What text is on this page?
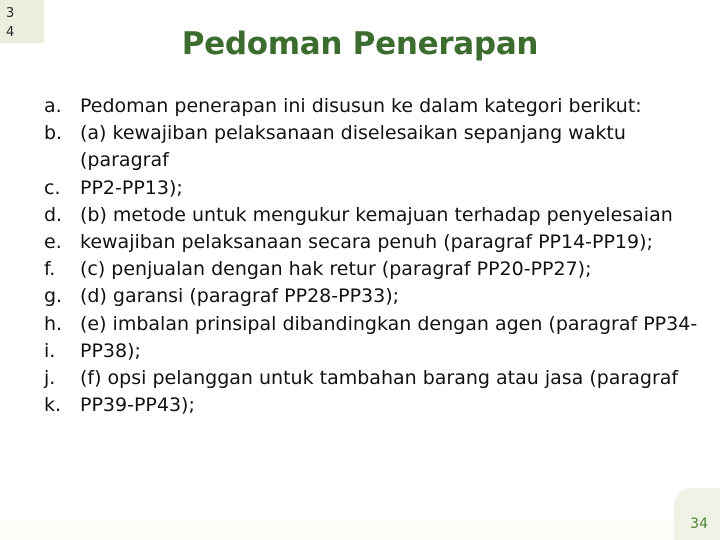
3
4	Pedoman Penerapan
a. Pedoman penerapan ini disusun ke dalam kategori berikut:
b. (a) kewajiban pelaksanaan diselesaikan sepanjang waktu (paragraf
c.	PP2-PP13);
d. (b) metode untuk mengukur kemajuan terhadap penyelesaian
e. kewajiban pelaksanaan secara penuh (paragraf PP14-PP19);
f.	(c) penjualan dengan hak retur (paragraf PP20-PP27);
g. (d) garansi (paragraf PP28-PP33);
h. (e) imbalan prinsipal dibandingkan dengan agen (paragraf PP34-
i.	PP38);
j.	(f) opsi pelanggan untuk tambahan barang atau jasa (paragraf
k. PP39-PP43);
34
